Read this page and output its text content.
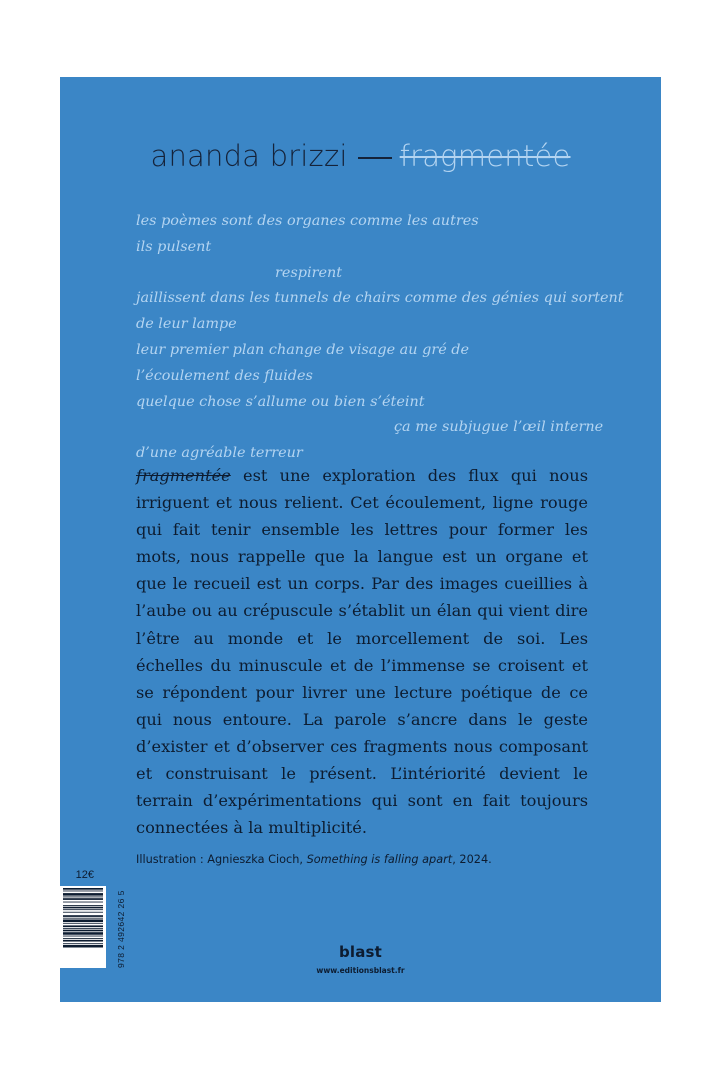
ananda brizzi fragmentée
les poèmes sont des organes comme les autres
ils pulsent
respirent
jaillissent dans les tunnels de chairs comme des génies qui sortent
de leur lampe
leur premier plan change de visage au gré de
l’écoulement des fluides
quelque chose s’allume ou bien s’éteint
ça me subjugue l’œil interne
d’une agréable terreur
fragmentée est une exploration des flux qui nous irriguent et nous relient. Cet écoulement, ligne rouge qui fait tenir ensemble les lettres pour former les mots, nous rappelle que la langue est un organe et que le recueil est un corps. Par des images cueillies à l’aube ou au crépuscule s’établit un élan qui vient dire l’être au monde et le morcellement de soi. Les échelles du minuscule et de l’immense se croisent et se répondent pour livrer une lecture poétique de ce qui nous entoure. La parole s’ancre dans le geste d’exister et d’observer ces fragments nous composant et construisant le présent. L’intériorité devient le terrain d’expérimentations qui sont en fait toujours connectées à la multiplicité.
Illustration : Agnieszka Cioch, Something is falling apart, 2024.
12€
978 2 492642 26 5	blast
www.editionsblast.fr
